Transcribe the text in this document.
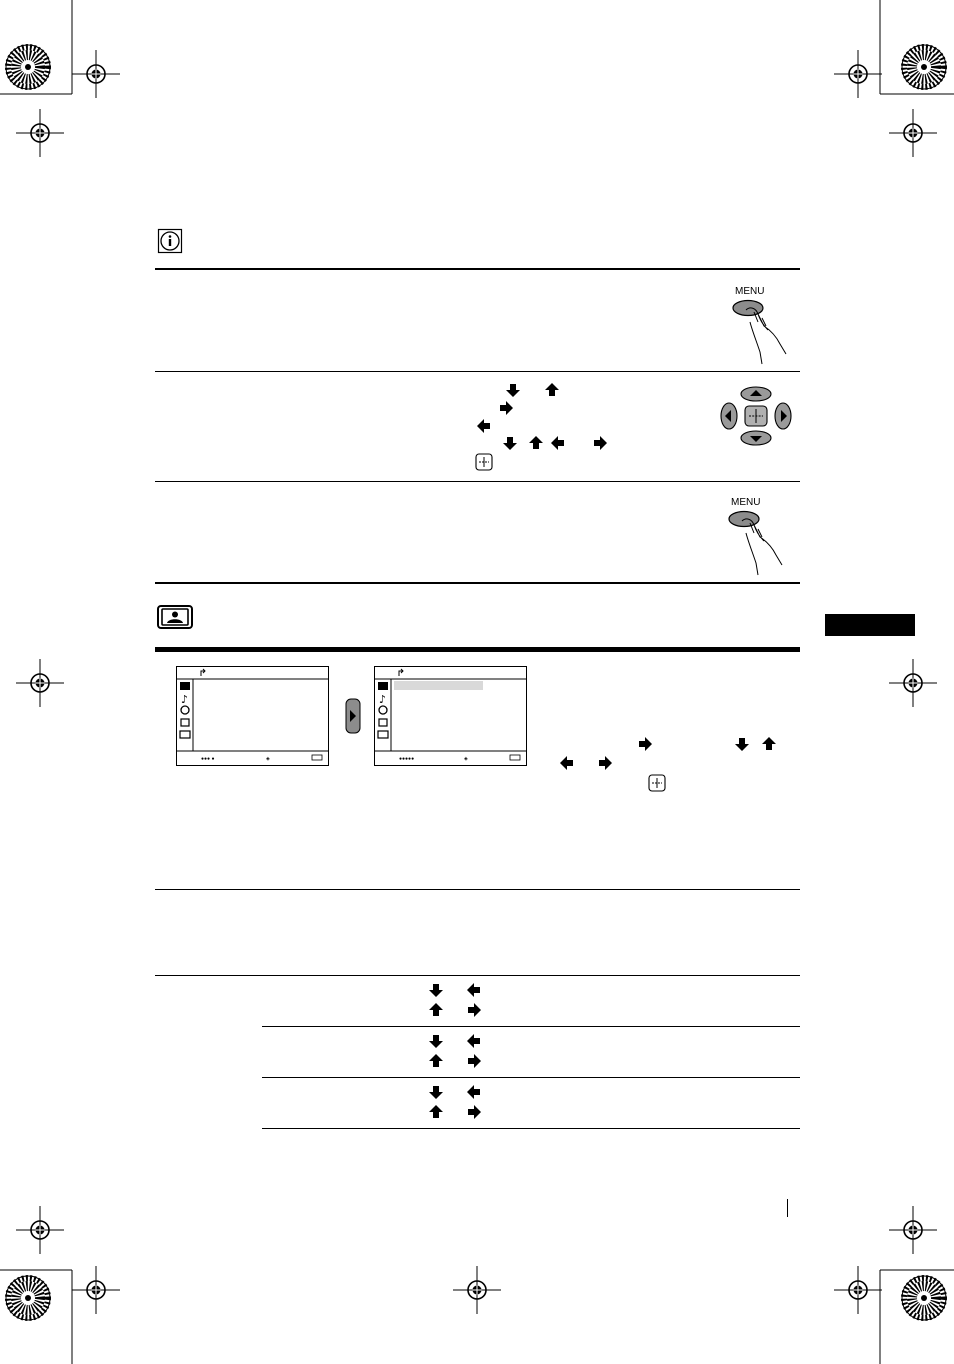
MENU
MENU
♪
●●● ●	◈
♪
●●●●●	◈
